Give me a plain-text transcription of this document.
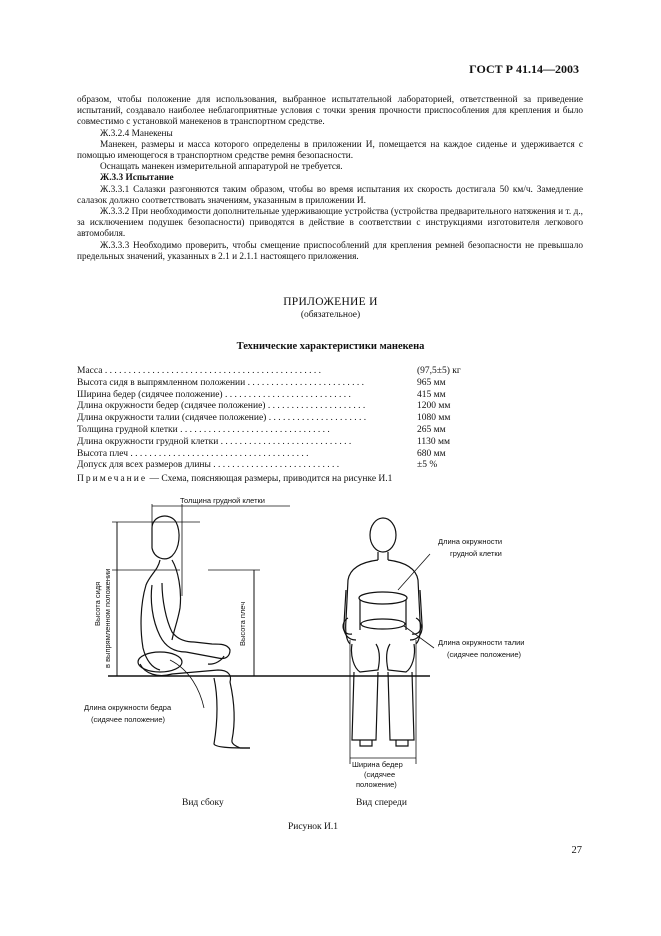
ГОСТ Р 41.14—2003

образом, чтобы положение для использования, выбранное испытательной лабораторией, ответственной за приведение испытаний, создавало наиболее неблагоприятные условия с точки зрения прочности приспособления для крепления и было совместимо с установкой манекенов в транспортном средстве.

Ж.3.2.4 Манекены

Манекен, размеры и масса которого определены в приложении И, помещается на каждое сиденье и удерживается с помощью имеющегося в транспортном средстве ремня безопасности.

Оснащать манекен измерительной аппаратурой не требуется.

Ж.3.3 Испытание

Ж.3.3.1 Салазки разгоняются таким образом, чтобы во время испытания их скорость достигала 50 км/ч. Замедление салазок должно соответствовать значениям, указанным в приложении И.

Ж.3.3.2 При необходимости дополнительные удерживающие устройства (устройства предварительного натяжения и т. д., за исключением подушек безопасности) приводятся в действие в соответствии с инструкциями изготовителя легкового автомобиля.

Ж.3.3.3 Необходимо проверить, чтобы смещение приспособлений для крепления ремней безопасности не превышало предельных значений, указанных в 2.1 и 2.1.1 настоящего приложения.

ПРИЛОЖЕНИЕ И
(обязательное)
Технические характеристики манекена
Масса . . . . . . . . . . . . . . . . . . . . . . . . . . . . . . . . . . . . . . . . . . . . . .	(97,5±5) кг
Высота сидя в выпрямленном положении . . . . . . . . . . . . . . . . . . . . . . . . .	965 мм
Ширина бедер (сидячее положение) . . . . . . . . . . . . . . . . . . . . . . . . . . .	415 мм
Длина окружности бедер (сидячее положение) . . . . . . . . . . . . . . . . . . . . .	1200 мм
Длина окружности талии (сидячее положение) . . . . . . . . . . . . . . . . . . . . .	1080 мм
Толщина грудной клетки . . . . . . . . . . . . . . . . . . . . . . . . . . . . . . . .	265 мм
Длина окружности грудной клетки . . . . . . . . . . . . . . . . . . . . . . . . . . . .	1130 мм
Высота плеч . . . . . . . . . . . . . . . . . . . . . . . . . . . . . . . . . . . . . .	680 мм
Допуск для всех размеров длины . . . . . . . . . . . . . . . . . . . . . . . . . . .	±5 %
Примечание — Схема, поясняющая размеры, приводится на рисунке И.1
Толщина грудной клетки
Высота сидя в выпрямленном положении	Высота плеч
Длина окружности бедра
(сидячее положение)
Длина окружности
грудной клетки
Длина окружности талии
(сидячее положение)
Ширина бедер
(сидячее
положение)
Вид сбоку	Вид спереди
Рисунок И.1
27
